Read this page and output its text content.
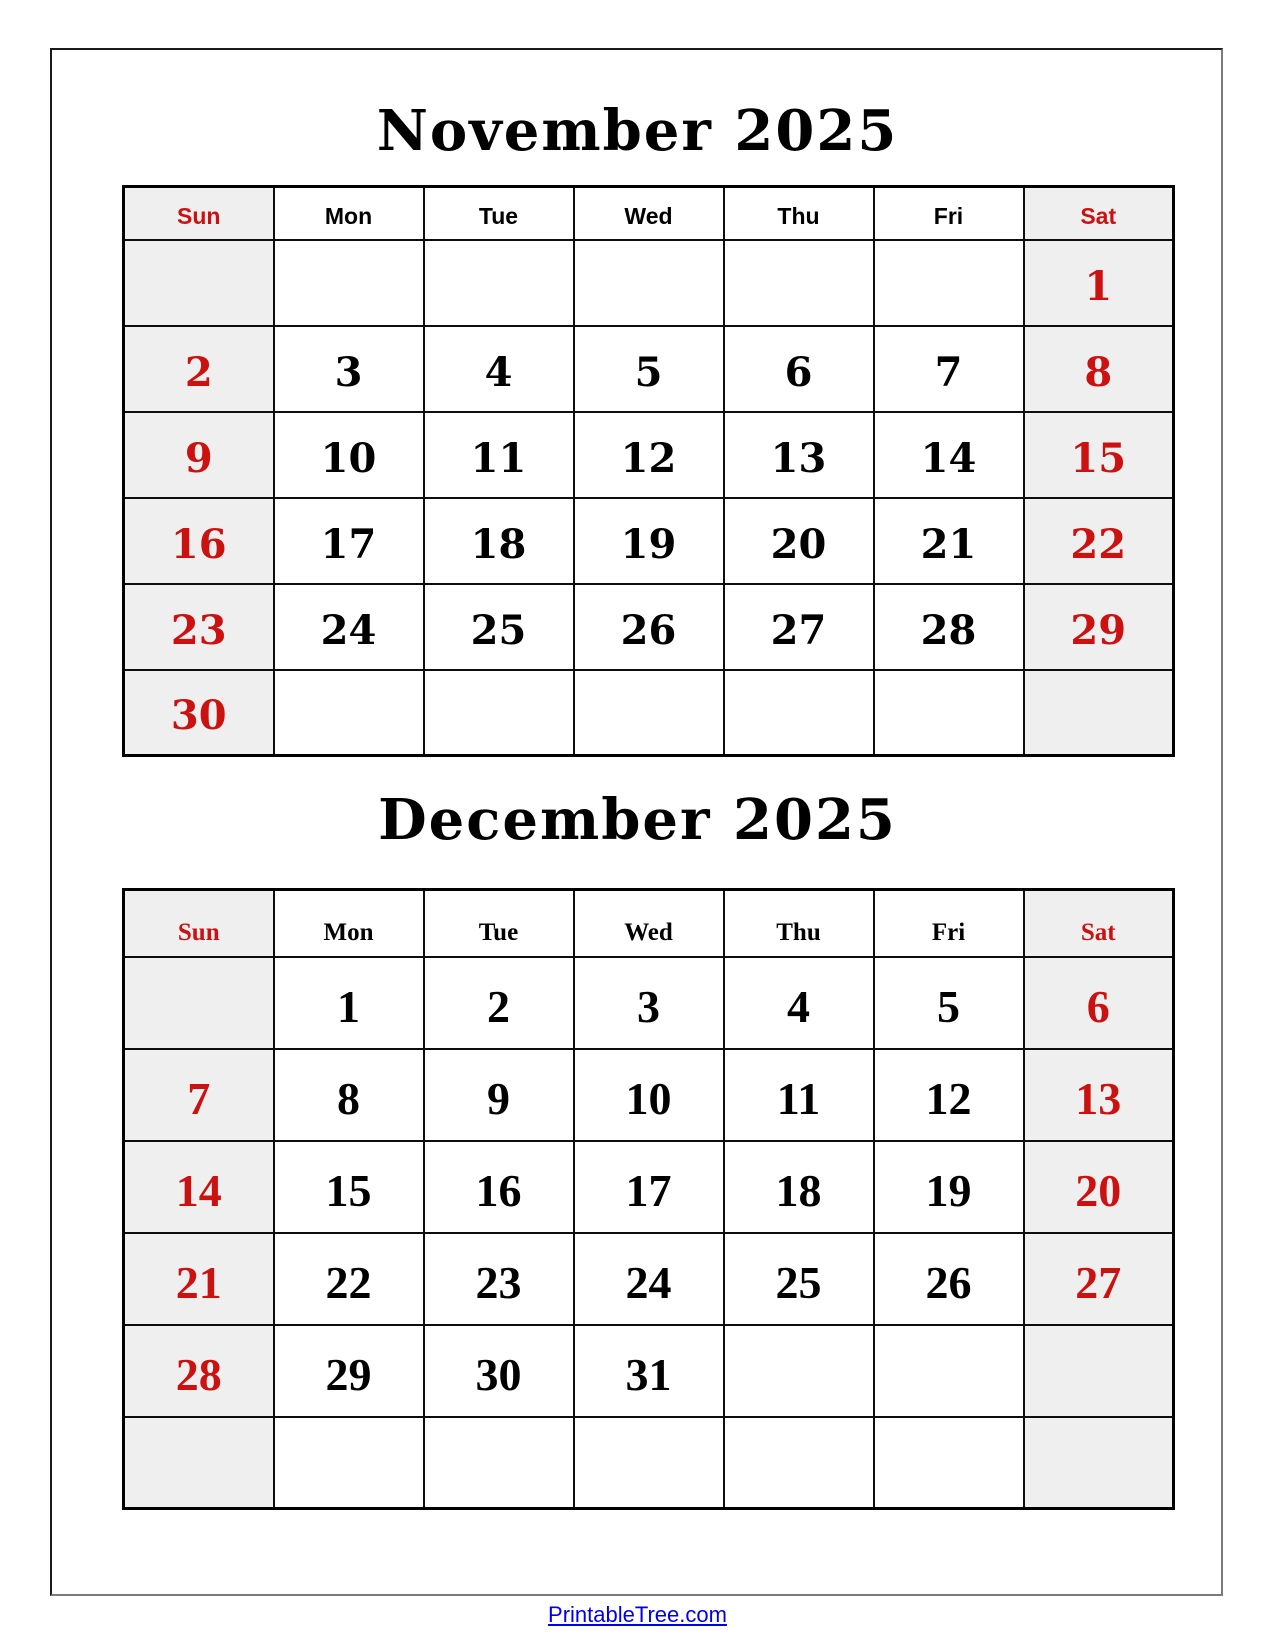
November 2025
Sun	Mon	Tue	Wed	Thu	Fri	Sat
						1
2	3	4	5	6	7	8
9	10	11	12	13	14	15
16	17	18	19	20	21	22
23	24	25	26	27	28	29
30						
December 2025
Sun	Mon	Tue	Wed	Thu	Fri	Sat
	1	2	3	4	5	6
7	8	9	10	11	12	13
14	15	16	17	18	19	20
21	22	23	24	25	26	27
28	29	30	31			

PrintableTree.com
